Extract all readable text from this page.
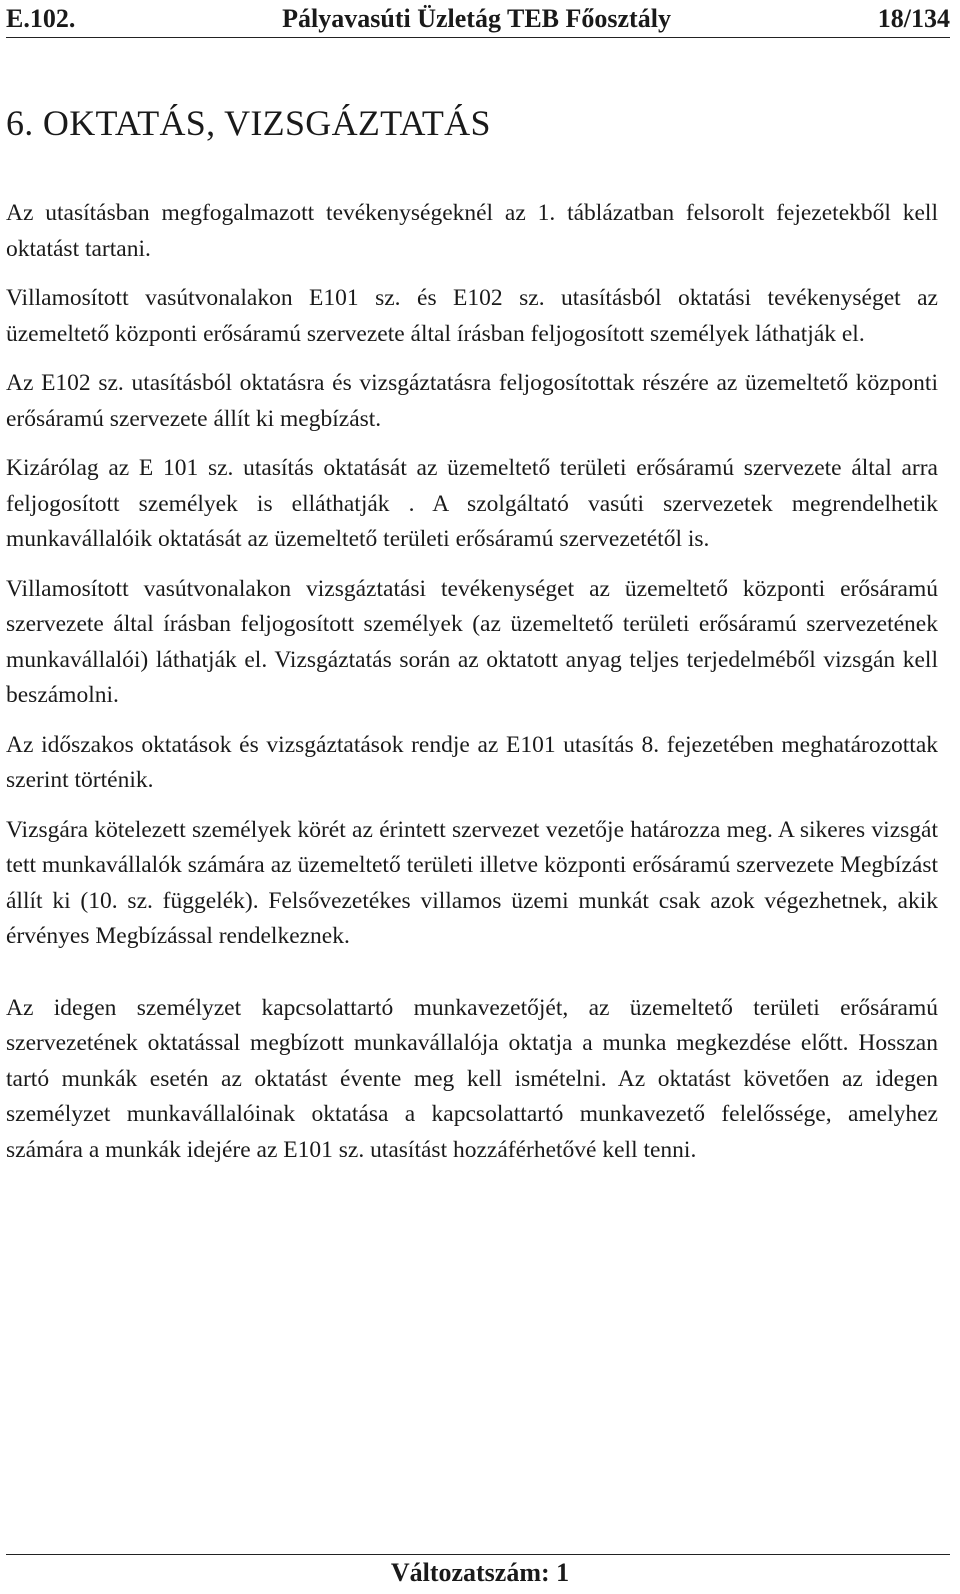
E.102.	Pályavasúti Üzletág TEB Főosztály	18/134
6. OKTATÁS, VIZSGÁZTATÁS

Az utasításban megfogalmazott tevékenységeknél az 1. táblázatban felsorolt fejezetekből kell oktatást tartani.

Villamosított vasútvonalakon E101 sz. és E102 sz. utasításból oktatási tevékenységet az üzemeltető központi erősáramú szervezete által írásban feljogosított személyek láthatják el.

Az E102 sz. utasításból oktatásra és vizsgáztatásra feljogosítottak részére az üzemeltető központi erősáramú szervezete állít ki megbízást.

Kizárólag az E 101 sz. utasítás oktatását az üzemeltető területi erősáramú szervezete által arra feljogosított személyek is elláthatják . A szolgáltató vasúti szervezetek megrendelhetik munkavállalóik oktatását az üzemeltető területi erősáramú szervezetétől is.

Villamosított vasútvonalakon vizsgáztatási tevékenységet az üzemeltető központi erősáramú szervezete által írásban feljogosított személyek (az üzemeltető területi erősáramú szervezetének munkavállalói) láthatják el. Vizsgáztatás során az oktatott anyag teljes terjedelméből vizsgán kell beszámolni.

Az időszakos oktatások és vizsgáztatások rendje az E101 utasítás 8. fejezetében meghatározottak szerint történik.

Vizsgára kötelezett személyek körét az érintett szervezet vezetője határozza meg. A sikeres vizsgát tett munkavállalók számára az üzemeltető területi illetve központi erősáramú szervezete Megbízást állít ki (10. sz. függelék). Felsővezetékes villamos üzemi munkát csak azok végezhetnek, akik érvényes Megbízással rendelkeznek.

Az idegen személyzet kapcsolattartó munkavezetőjét, az üzemeltető területi erősáramú szervezetének oktatással megbízott munkavállalója oktatja a munka megkezdése előtt. Hosszan tartó munkák esetén az oktatást évente meg kell ismételni. Az oktatást követően az idegen személyzet munkavállalóinak oktatása a kapcsolattartó munkavezető felelőssége, amelyhez számára a munkák idejére az E101 sz. utasítást hozzáférhetővé kell tenni.

Változatszám: 1
